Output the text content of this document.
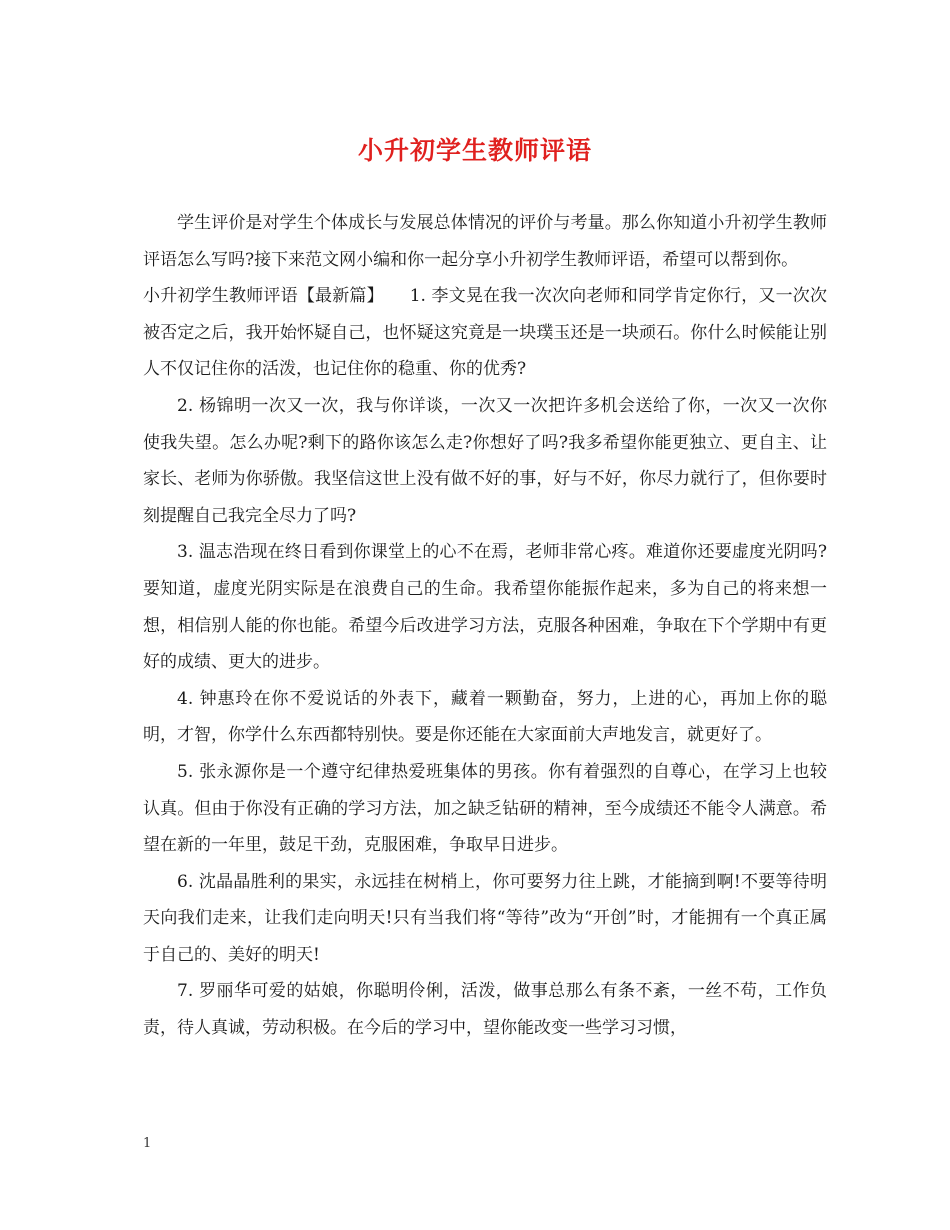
小升初学生教师评语

学生评价是对学生个体成长与发展总体情况的评价与考量。那么你知道小升初学生教师评语怎么写吗?接下来范文网小编和你一起分享小升初学生教师评语，希望可以帮到你。

小升初学生教师评语【最新篇】　　1. 李文晃在我一次次向老师和同学肯定你行，又一次次被否定之后，我开始怀疑自己，也怀疑这究竟是一块璞玉还是一块顽石。你什么时候能让别人不仅记住你的活泼，也记住你的稳重、你的优秀?

2. 杨锦明一次又一次，我与你详谈，一次又一次把许多机会送给了你，一次又一次你使我失望。怎么办呢?剩下的路你该怎么走?你想好了吗?我多希望你能更独立、更自主、让家长、老师为你骄傲。我坚信这世上没有做不好的事，好与不好，你尽力就行了，但你要时刻提醒自己我完全尽力了吗?

3. 温志浩现在终日看到你课堂上的心不在焉，老师非常心疼。难道你还要虚度光阴吗?要知道，虚度光阴实际是在浪费自己的生命。我希望你能振作起来，多为自己的将来想一想，相信别人能的你也能。希望今后改进学习方法，克服各种困难，争取在下个学期中有更好的成绩、更大的进步。

4. 钟惠玲在你不爱说话的外表下，藏着一颗勤奋，努力，上进的心，再加上你的聪明，才智，你学什么东西都特别快。要是你还能在大家面前大声地发言，就更好了。

5. 张永源你是一个遵守纪律热爱班集体的男孩。你有着强烈的自尊心，在学习上也较认真。但由于你没有正确的学习方法，加之缺乏钻研的精神，至今成绩还不能令人满意。希望在新的一年里，鼓足干劲，克服困难，争取早日进步。

6. 沈晶晶胜利的果实，永远挂在树梢上，你可要努力往上跳，才能摘到啊!不要等待明天向我们走来，让我们走向明天!只有当我们将“等待”改为“开创”时，才能拥有一个真正属于自己的、美好的明天!

7. 罗丽华可爱的姑娘，你聪明伶俐，活泼，做事总那么有条不紊，一丝不苟，工作负责，待人真诚，劳动积极。在今后的学习中，望你能改变一些学习习惯，

1
